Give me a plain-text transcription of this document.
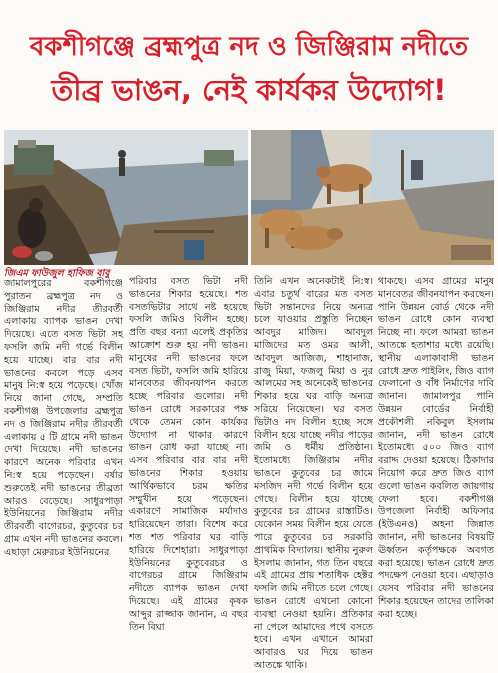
বকশীগঞ্জে ব্রহ্মপুত্র নদ ও জিঞ্জিরাম নদীতে
তীব্র ভাঙন, নেই কার্যকর উদ্যোগ!
জিএম ফাউজুল হাফিজ বাবু

জামালপুরের বকশীগঞ্জে পুরাতন ব্রহ্মপুত্র নদ ও জিঞ্জিরাম নদীর তীরবর্তী এলাকায় ব্যাপক ভাঙন দেখা দিয়েছে। এতে বসত ভিটা সহ ফসলি জমি নদী গর্ভে বিলীন হয়ে যাচ্ছে। বার বার নদী ভাঙনের কবলে পড়ে এসব মানুষ নি:স্ব হয়ে পড়েছে। খোঁজ নিয়ে জানা গেছে, সম্প্রতি বকশীগঞ্জ উপজেলার ব্রহ্মপুত্র নদ ও জিঞ্জিরাম নদীর তীরবর্তী এলাকায় ৫ টি গ্রামে নদী ভাঙন দেখা দিয়েছে। নদী ভাঙনের কারণে অনেক পরিবার এখন নি:স্ব হয়ে পড়েছেন। বর্ষার শুরুতেই নদী ভাঙনের তীব্রতা আরও বেড়েছে। সাধুরপাড়া ইউনিয়নের জিঞ্জিরাম নদীর তীরবর্তী বাগেরচর, কুতুবের চর গ্রাম এখন নদী ভাঙনের কবলে। এছাড়া মেরুরচর ইউনিয়নের

পরিবার বসত ভিটা নদী ভাঙনের শিকার হয়েছে। শত বসতভিটার সাথে নষ্ট হয়েছে ফসলি জমিও বিলীন হচ্ছে। প্রতি বছর বন্যা এলেই প্রকৃতির আক্রোশ শুরু হয় নদী ভাঙন। মানুষের নদী ভাঙনের ফলে বসত ভিটা, ফসলি জমি হারিয়ে মানবেতর জীবনযাপন করতে হচ্ছে পরিবার গুলোর। নদী ভাঙন রোধে সরকারের পক্ষ থেকে তেমন কোন কার্যকর উদ্যোগ না থাকার কারণে ভাঙন রোধ করা যাচ্ছে না। এসব পরিবার বার বার নদী ভাঙনের শিকার হওয়ায় আর্থিকভাবে চরম ক্ষতির সম্মুখীন হয়ে পড়েছেন। একারণে সামাজিক মর্যাদাও হারিয়েছেন তারা। বিশেষ করে শত শত পরিবার ঘর বাড়ি হারিয়ে দিশেহারা। সাধুরপাড়া ইউনিয়নের কুতুবেরচর ও বাগেরচর গ্রামে জিঞ্জিরাম নদীতে ব্যাপক ভাঙন দেখা দিয়েছে। এই গ্রামের কৃষক আব্দুর রাজ্জাক জানান, এ বছর তিন বিঘা

তিনি এখন অনেকটাই নি:স্ব। এবার চতুর্থ বারের মত বসত ভিটা সন্তানদের নিয়ে অন্যত্র চলে যাওয়ার প্রস্তুতি নিচ্ছেন আবদুর মাজিদ। আবদুল মাজিদের মত ওমর আলী, আবদুল আজিজ, শাহানাজ, রাজু মিয়া, ফজলু মিয়া ও নুর আলমের সহ অনেকেই ভাঙনের শিকার হয়ে ঘর বাড়ি অন্যত্র সরিয়ে নিয়েছেন। ঘর বসত ভিটাও নদ বিলীন হচ্ছে সঙ্গে বিলীন হয়ে যাচ্ছে নদীর পাড়ের জমি ও ধর্মীয় প্রতিষ্ঠান। ইতোমধ্যে জিঞ্জিরাম নদীর ভাঙনে কুতুবের চর জামে মসজিদ নদী গর্ভে বিলীন হয়ে গেছে। বিলীন হয়ে যাচ্ছে কুতুবের চর গ্রামের রাস্তাটিও। যেকোন সময় বিলীন হয়ে যেতে পারে কুতুবের চর সরকারি প্রাথমিক বিদ্যালয়। স্থানীয় নুরুল ইসলাম জানান, গত তিন বছরে এই গ্রামের প্রায় শতাধিক হেক্টর ফসলি জমি নদীতে চলে গেছে। ভাঙন রোধে এখনো কোনো ব্যবস্থা নেওয়া হয়নি। প্রতিকার না পেলে আমাদের পথে বসতে হবে। এখন এখানে আমরা আবারও ঘর দিয়ে ভাঙন আতঙ্কে থাকি।

থাকছে। এসব গ্রামের মানুষ মানবেতর জীবনযাপন করছেন। পানি উন্নয়ন বোর্ড থেকে নদী ভাঙন রোধে কোন ব্যবস্থা নিচ্ছে না। ফলে আমরা ভাঙন আতঙ্কে হতাশার মধ্যে রয়েছি। স্থানীয় এলাকাবাসী ভাঙন রোধে দ্রুত পাইলিং, জিও ব্যাগ ফেলানো ও বাঁধ নির্মাণের দাবি জানান। জামালপুর পানি উন্নয়ন বোর্ডের নির্বাহী প্রকৌশলী নকিবুল ইসলাম জানান, নদী ভাঙন রোধে ইতোমধ্যে ৫০০ জিও ব্যাগ বরাদ্দ দেওয়া হয়েছে। ঠিকাদার নিয়োগ করে দ্রুত জিও ব্যাগ গুলো ভাঙন কবলিত জায়গায় ফেলা হবে। বকশীগঞ্জ উপজেলা নির্বাহী অফিসার (ইউএনও) অহনা জিন্নাত জানান, নদী ভাঙনের বিষয়টি ঊর্ধ্বতন কর্তৃপক্ষকে অবগত করা হয়েছে। ভাঙন রোধে দ্রুত পদক্ষেপ নেওয়া হবে। এছাড়াও যেসব পরিবার নদী ভাঙনের শিকার হয়েছেন তাদের তালিকা করা হচ্ছে।
